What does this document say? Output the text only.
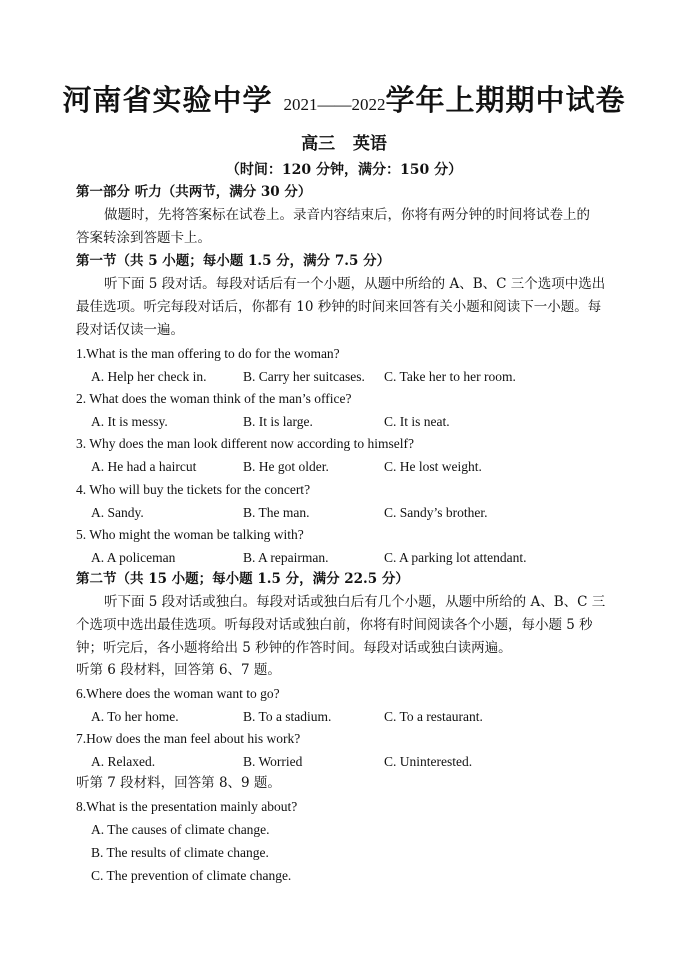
河南省实验中学 2021——2022学年上期期中试卷
高三   英语
（时间：120 分钟，满分：150 分）
第一部分 听力（共两节，满分 30 分）
做题时，先将答案标在试卷上。录音内容结束后，你将有两分钟的时间将试卷上的
答案转涂到答题卡上。
第一节（共 5 小题；每小题 1.5 分，满分 7.5 分）
听下面 5 段对话。每段对话后有一个小题，从题中所给的 A、B、C 三个选项中选出
最佳选项。听完每段对话后，你都有 10 秒钟的时间来回答有关小题和阅读下一小题。每
段对话仅读一遍。
1.What is the man offering to do for the woman?
A. Help her check in.	B. Carry her suitcases. C. Take her to her room.
2. What does the woman think of the man’s office?
A. It is messy.	B. It is large.	C. It is neat.
3. Why does the man look different now according to himself?
A. He had a haircut	B. He got older.	C. He lost weight.
4. Who will buy the tickets for the concert?
A. Sandy.	B. The man.	C. Sandy’s brother.
5. Who might the woman be talking with?
A. A policeman	B. A repairman.	C. A parking lot attendant.
第二节（共 15 小题；每小题 1.5 分，满分 22.5 分）
听下面 5 段对话或独白。每段对话或独白后有几个小题，从题中所给的 A、B、C 三
个选项中选出最佳选项。听每段对话或独白前，你将有时间阅读各个小题，每小题 5 秒
钟；听完后，各小题将给出 5 秒钟的作答时间。每段对话或独白读两遍。
听第 6 段材料，回答第 6、7 题。
6.Where does the woman want to go?
A. To her home.	B. To a stadium.	C. To a restaurant.
7.How does the man feel about his work?
A. Relaxed.	B. Worried	C. Uninterested.
听第 7 段材料，回答第 8、9 题。
8.What is the presentation mainly about?
A. The causes of climate change.
B. The results of climate change.
C. The prevention of climate change.
